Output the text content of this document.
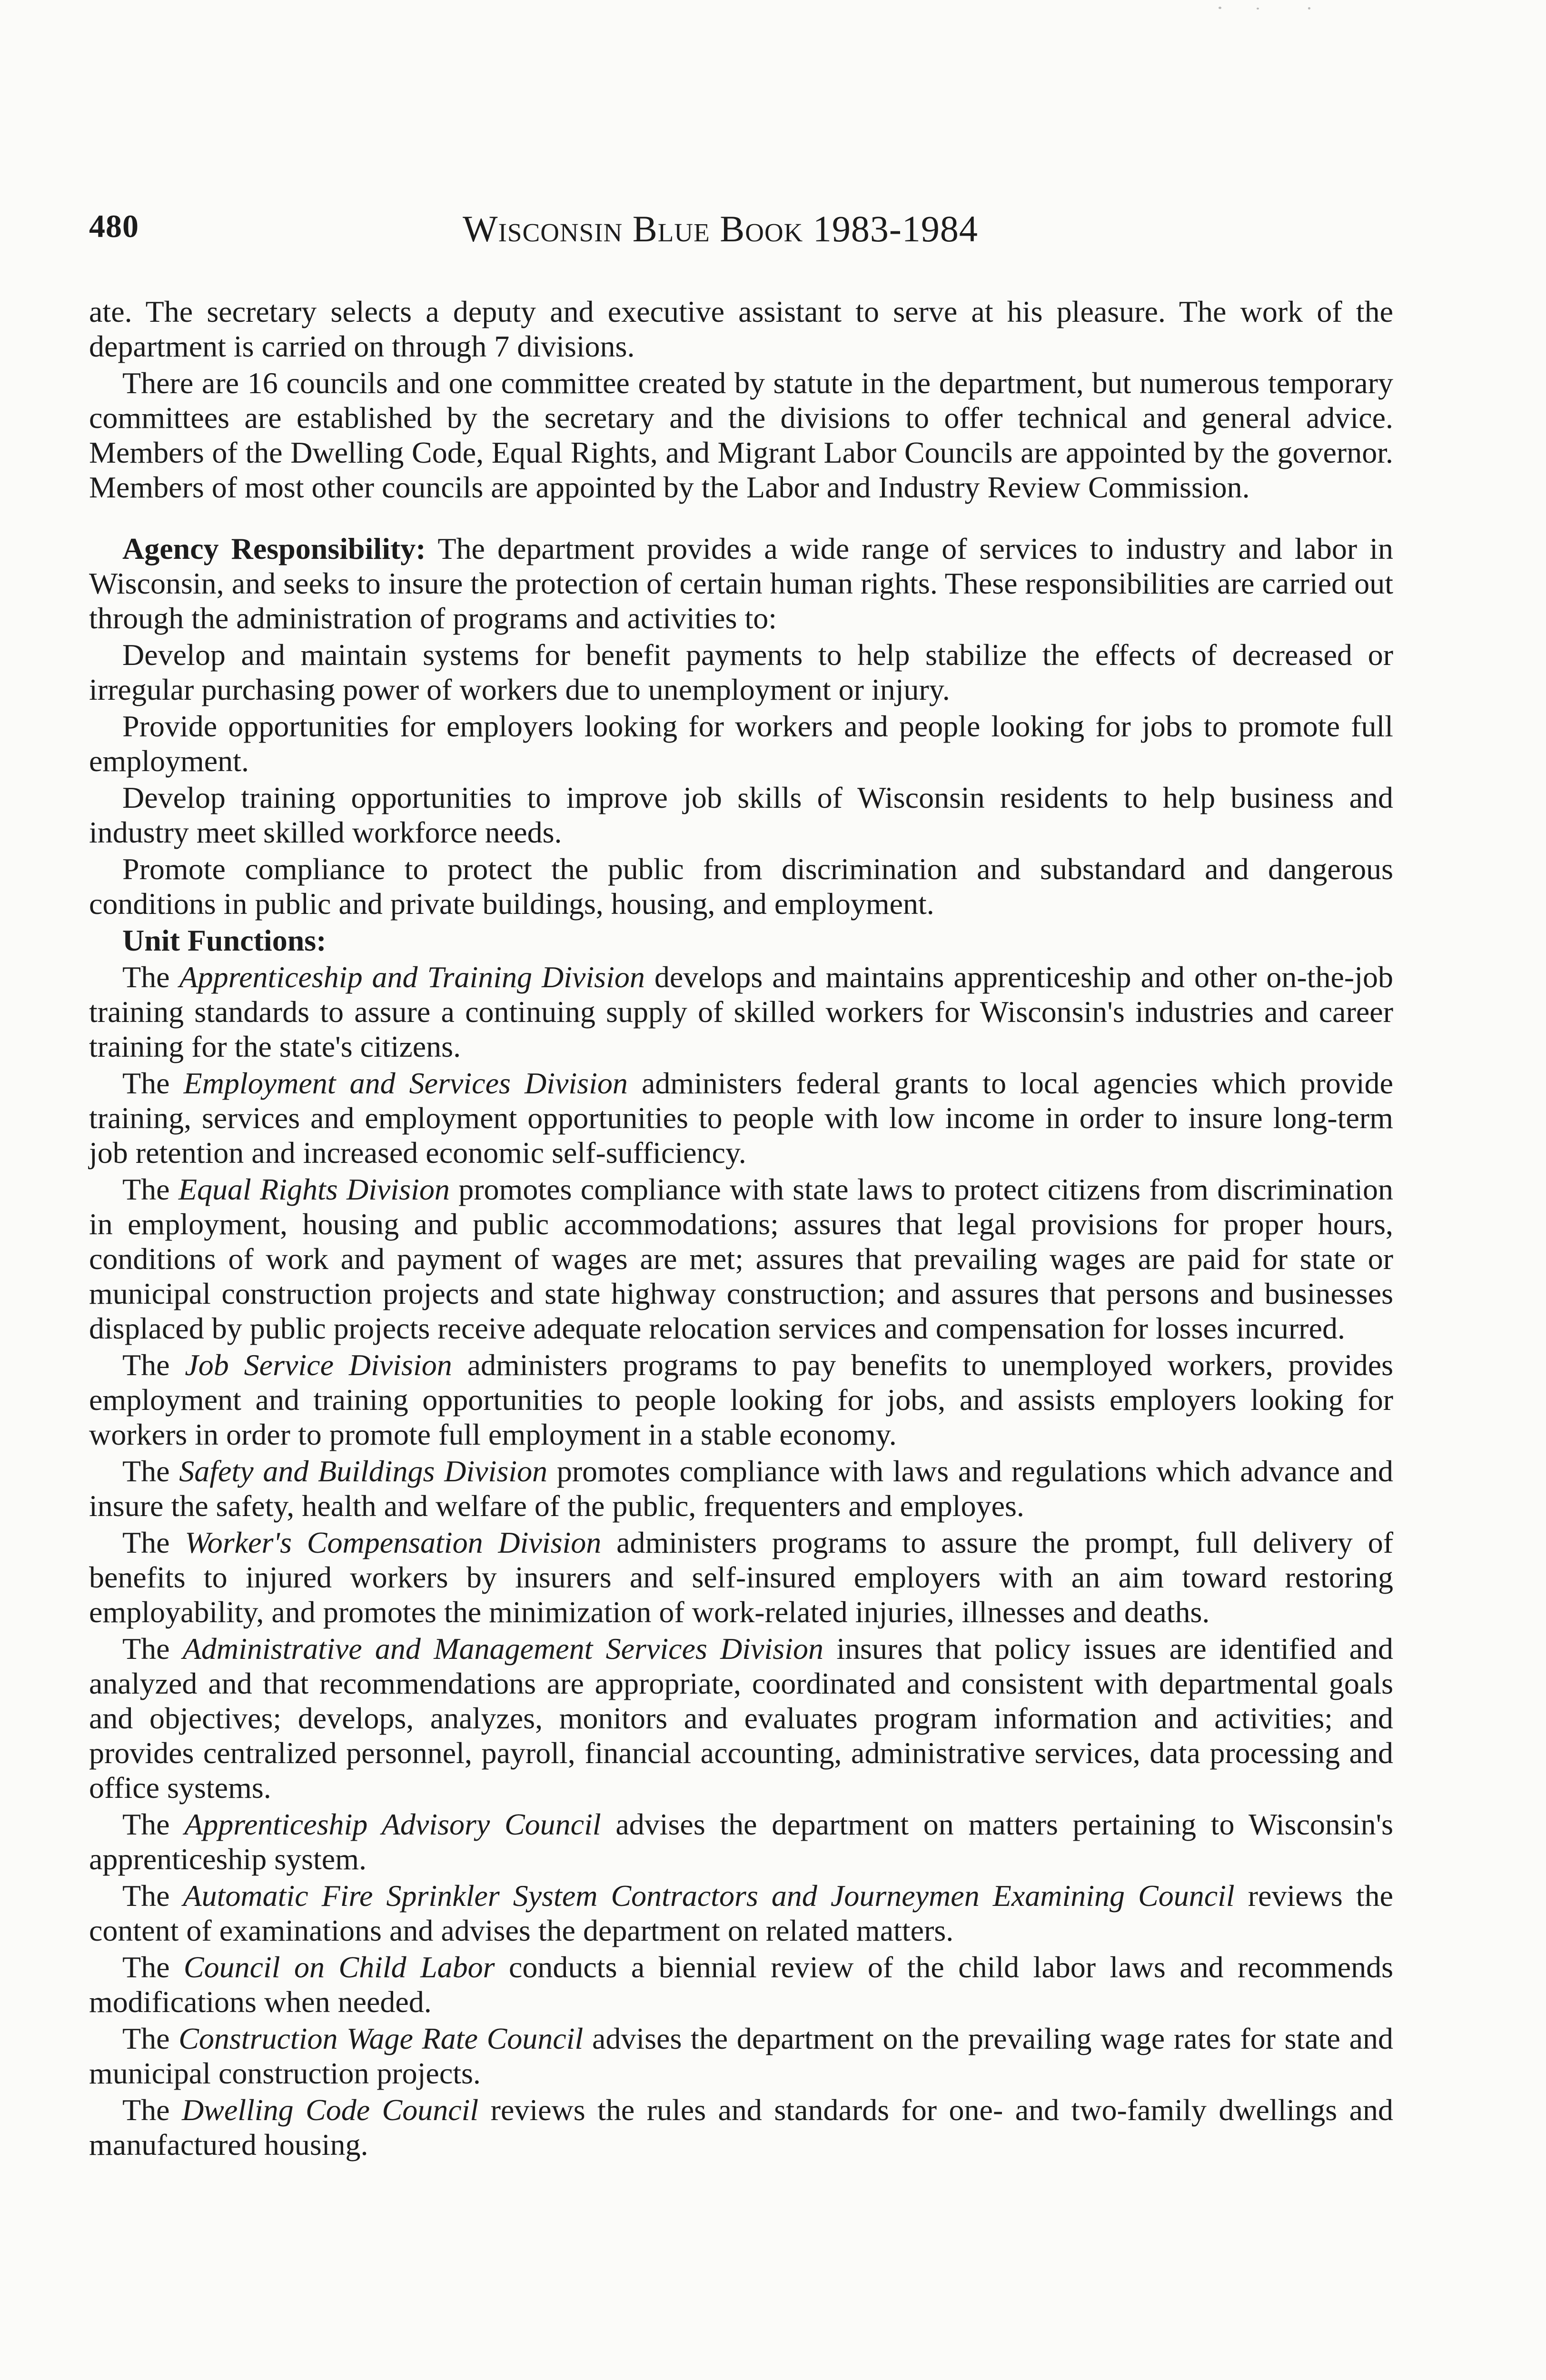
480	Wisconsin Blue Book 1983-1984

ate. The secretary selects a deputy and executive assistant to serve at his pleasure. The work of the department is carried on through 7 divisions.

There are 16 councils and one committee created by statute in the department, but numerous temporary committees are established by the secretary and the divisions to offer technical and general advice. Members of the Dwelling Code, Equal Rights, and Migrant Labor Councils are appointed by the governor. Members of most other councils are appointed by the Labor and Industry Review Commission.

Agency Responsibility: The department provides a wide range of services to industry and labor in Wisconsin, and seeks to insure the protection of certain human rights. These responsibilities are carried out through the administration of programs and activities to:

Develop and maintain systems for benefit payments to help stabilize the effects of decreased or irregular purchasing power of workers due to unemployment or injury.

Provide opportunities for employers looking for workers and people looking for jobs to promote full employment.

Develop training opportunities to improve job skills of Wisconsin residents to help business and industry meet skilled workforce needs.

Promote compliance to protect the public from discrimination and substandard and dangerous conditions in public and private buildings, housing, and employment.

Unit Functions:

The Apprenticeship and Training Division develops and maintains apprenticeship and other on-the-job training standards to assure a continuing supply of skilled workers for Wisconsin's industries and career training for the state's citizens.

The Employment and Services Division administers federal grants to local agencies which provide training, services and employment opportunities to people with low income in order to insure long-term job retention and increased economic self-sufficiency.

The Equal Rights Division promotes compliance with state laws to protect citizens from discrimination in employment, housing and public accommodations; assures that legal provisions for proper hours, conditions of work and payment of wages are met; assures that prevailing wages are paid for state or municipal construction projects and state highway construction; and assures that persons and businesses displaced by public projects receive adequate relocation services and compensation for losses incurred.

The Job Service Division administers programs to pay benefits to unemployed workers, provides employment and training opportunities to people looking for jobs, and assists employers looking for workers in order to promote full employment in a stable economy.

The Safety and Buildings Division promotes compliance with laws and regulations which advance and insure the safety, health and welfare of the public, frequenters and employes.

The Worker's Compensation Division administers programs to assure the prompt, full delivery of benefits to injured workers by insurers and self-insured employers with an aim toward restoring employability, and promotes the minimization of work-related injuries, illnesses and deaths.

The Administrative and Management Services Division insures that policy issues are identified and analyzed and that recommendations are appropriate, coordinated and consistent with departmental goals and objectives; develops, analyzes, monitors and evaluates program information and activities; and provides centralized personnel, payroll, financial accounting, administrative services, data processing and office systems.

The Apprenticeship Advisory Council advises the department on matters pertaining to Wisconsin's apprenticeship system.

The Automatic Fire Sprinkler System Contractors and Journeymen Examining Council reviews the content of examinations and advises the department on related matters.

The Council on Child Labor conducts a biennial review of the child labor laws and recommends modifications when needed.

The Construction Wage Rate Council advises the department on the prevailing wage rates for state and municipal construction projects.

The Dwelling Code Council reviews the rules and standards for one- and two-family dwellings and manufactured housing.
